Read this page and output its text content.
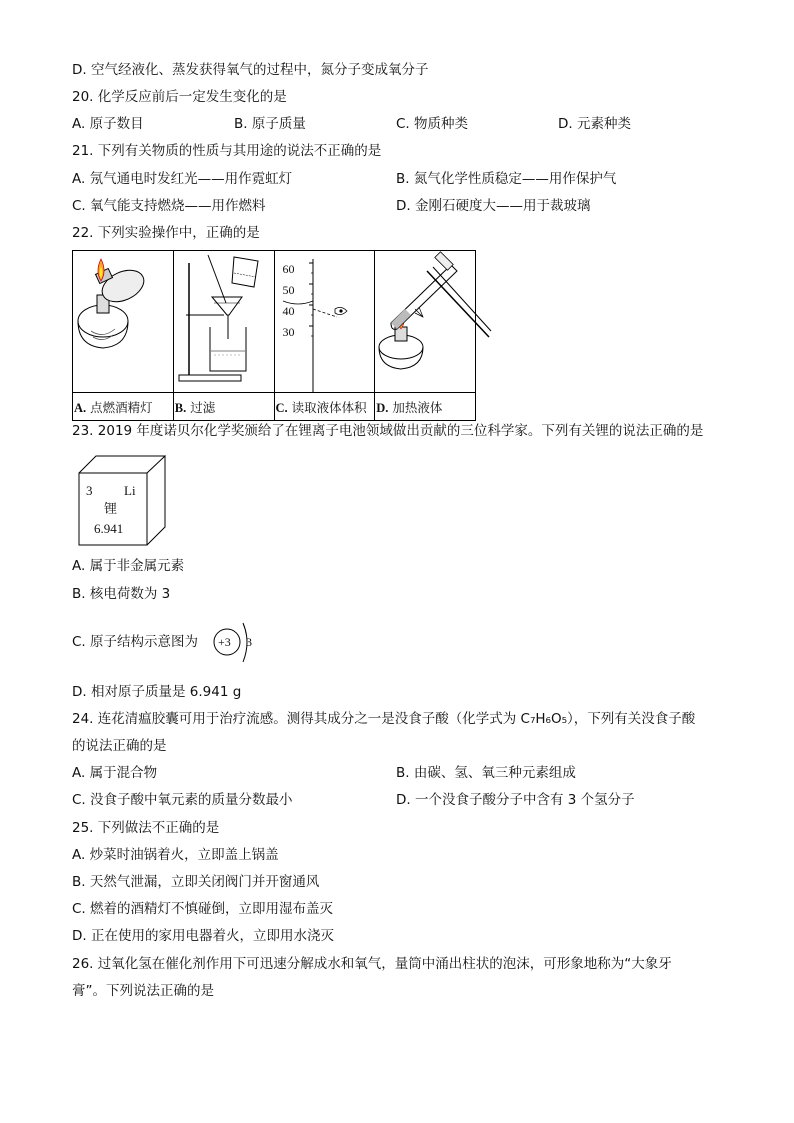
D. 空气经液化、蒸发获得氧气的过程中，氮分子变成氧分子
20. 化学反应前后一定发生变化的是
A. 原子数目	B. 原子质量	C. 物质种类	D. 元素种类
21. 下列有关物质的性质与其用途的说法不正确的是
A. 氖气通电时发红光——用作霓虹灯	B. 氮气化学性质稳定——用作保护气
C. 氧气能支持燃烧——用作燃料	D. 金刚石硬度大——用于裁玻璃
22. 下列实验操作中，正确的是

60
50
40
30

A. 点燃酒精灯	B. 过滤	C. 读取液体体积	D. 加热液体
23. 2019 年度诺贝尔化学奖颁给了在锂离子电池领域做出贡献的三位科学家。下列有关锂的说法正确的是
3 Li
锂
6.941
A. 属于非金属元素
B. 核电荷数为 3
C. 原子结构示意图为 +3 3
D. 相对原子质量是 6.941 g
24. 连花清瘟胶囊可用于治疗流感。测得其成分之一是没食子酸（化学式为 C₇H₆O₅），下列有关没食子酸
的说法正确的是
A. 属于混合物	B. 由碳、氢、氧三种元素组成
C. 没食子酸中氧元素的质量分数最小	D. 一个没食子酸分子中含有 3 个氢分子
25. 下列做法不正确的是
A. 炒菜时油锅着火，立即盖上锅盖
B. 天然气泄漏，立即关闭阀门并开窗通风
C. 燃着的酒精灯不慎碰倒，立即用湿布盖灭
D. 正在使用的家用电器着火，立即用水浇灭
26. 过氧化氢在催化剂作用下可迅速分解成水和氧气，量筒中涌出柱状的泡沫，可形象地称为“大象牙
膏”。下列说法正确的是
